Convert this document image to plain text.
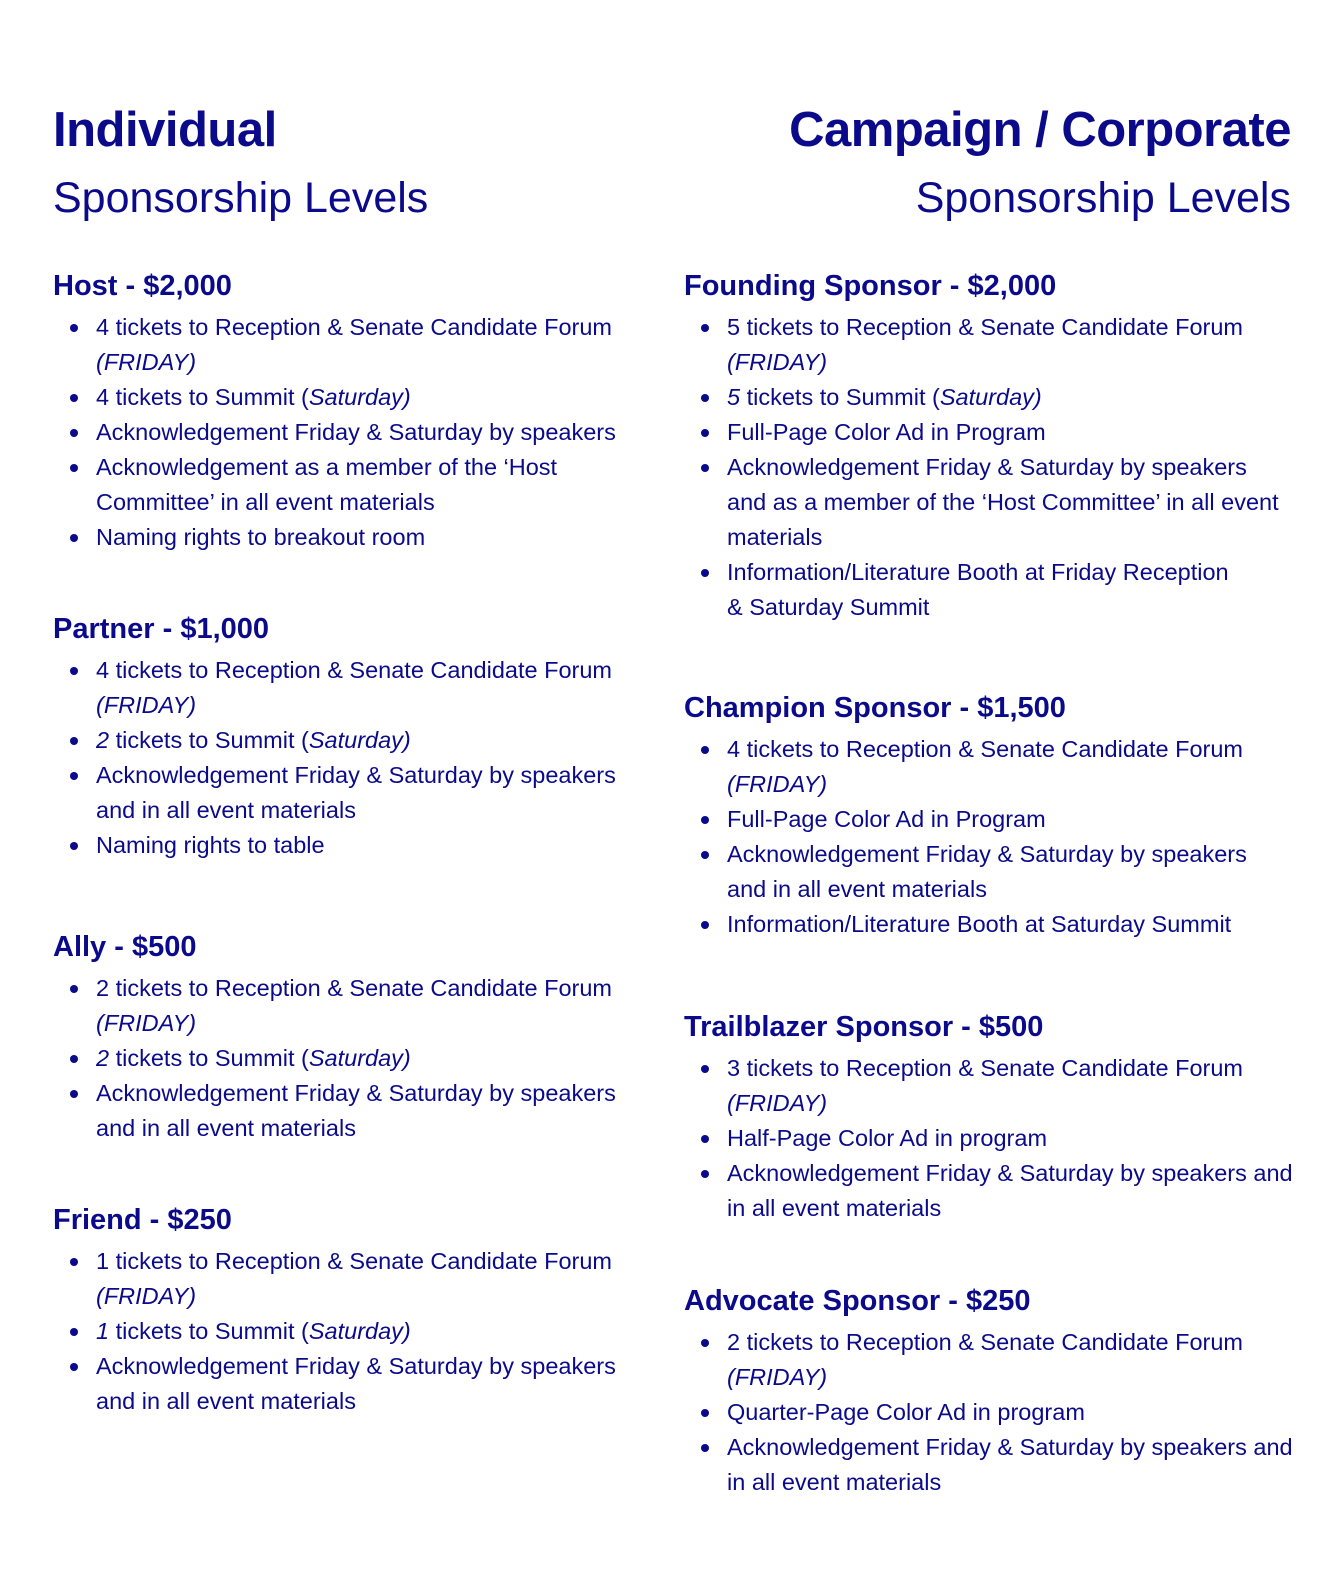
Individual
Sponsorship Levels
Campaign / Corporate
Sponsorship Levels
Host - $2,000
4 tickets to Reception & Senate Candidate Forum (FRIDAY)
4 tickets to Summit (Saturday)
Acknowledgement Friday & Saturday by speakers
Acknowledgement as a member of the ‘Host Committee’ in all event materials
Naming rights to breakout room
Partner - $1,000
4 tickets to Reception & Senate Candidate Forum (FRIDAY)
2 tickets to Summit (Saturday)
Acknowledgement Friday & Saturday by speakers and in all event materials
Naming rights to table
Ally - $500
2 tickets to Reception & Senate Candidate Forum (FRIDAY)
2 tickets to Summit (Saturday)
Acknowledgement Friday & Saturday by speakers and in all event materials
Friend - $250
1 tickets to Reception & Senate Candidate Forum (FRIDAY)
1 tickets to Summit (Saturday)
Acknowledgement Friday & Saturday by speakers and in all event materials
Founding Sponsor - $2,000
5 tickets to Reception & Senate Candidate Forum (FRIDAY)
5 tickets to Summit (Saturday)
Full-Page Color Ad in Program
Acknowledgement Friday & Saturday by speakers and as a member of the ‘Host Committee’ in all event materials
Information/Literature Booth at Friday Reception & Saturday Summit
Champion Sponsor - $1,500
4 tickets to Reception & Senate Candidate Forum (FRIDAY)
Full-Page Color Ad in Program
Acknowledgement Friday & Saturday by speakers and in all event materials
Information/Literature Booth at Saturday Summit
Trailblazer Sponsor - $500
3 tickets to Reception & Senate Candidate Forum (FRIDAY)
Half-Page Color Ad in program
Acknowledgement Friday & Saturday by speakers and in all event materials
Advocate Sponsor - $250
2 tickets to Reception & Senate Candidate Forum (FRIDAY)
Quarter-Page Color Ad in program
Acknowledgement Friday & Saturday by speakers and in all event materials
